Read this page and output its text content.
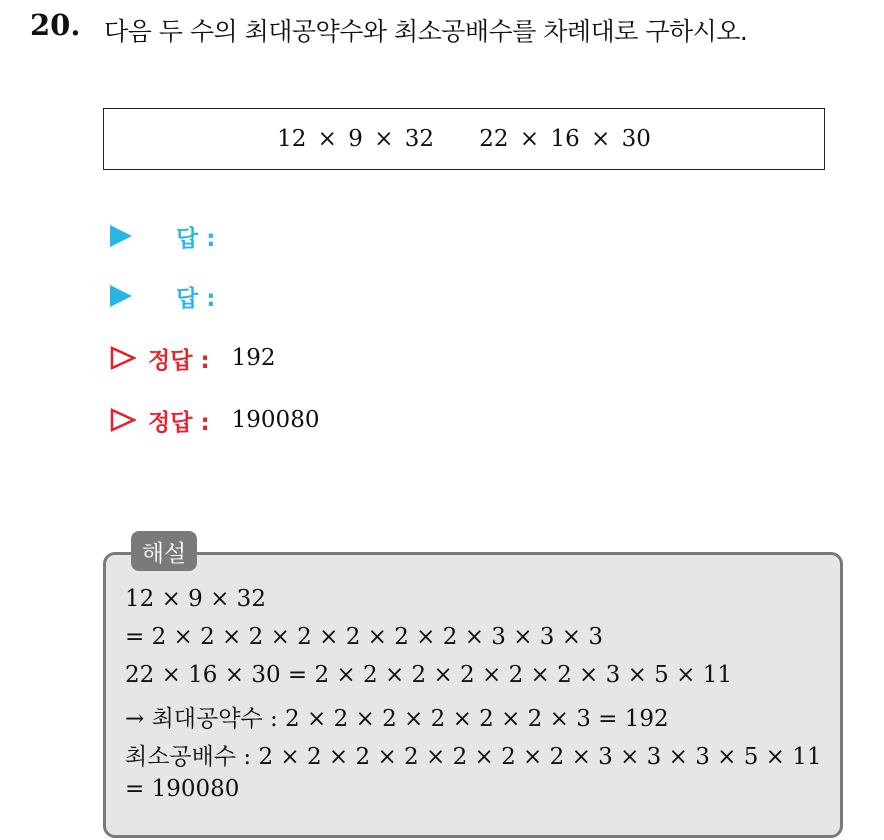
20. 다음 두 수의 최대공약수와 최소공배수를 차례대로 구하시오.
12 × 9 × 32    22 × 16 × 30
답 :
답 :
정답 : 192
정답 : 190080
해설
12 × 9 × 32
= 2 × 2 × 2 × 2 × 2 × 2 × 2 × 3 × 3 × 3
22 × 16 × 30 = 2 × 2 × 2 × 2 × 2 × 2 × 3 × 5 × 11
→ 최대공약수 : 2 × 2 × 2 × 2 × 2 × 2 × 3 = 192
최소공배수 : 2 × 2 × 2 × 2 × 2 × 2 × 2 × 3 × 3 × 3 × 5 × 11
= 190080
